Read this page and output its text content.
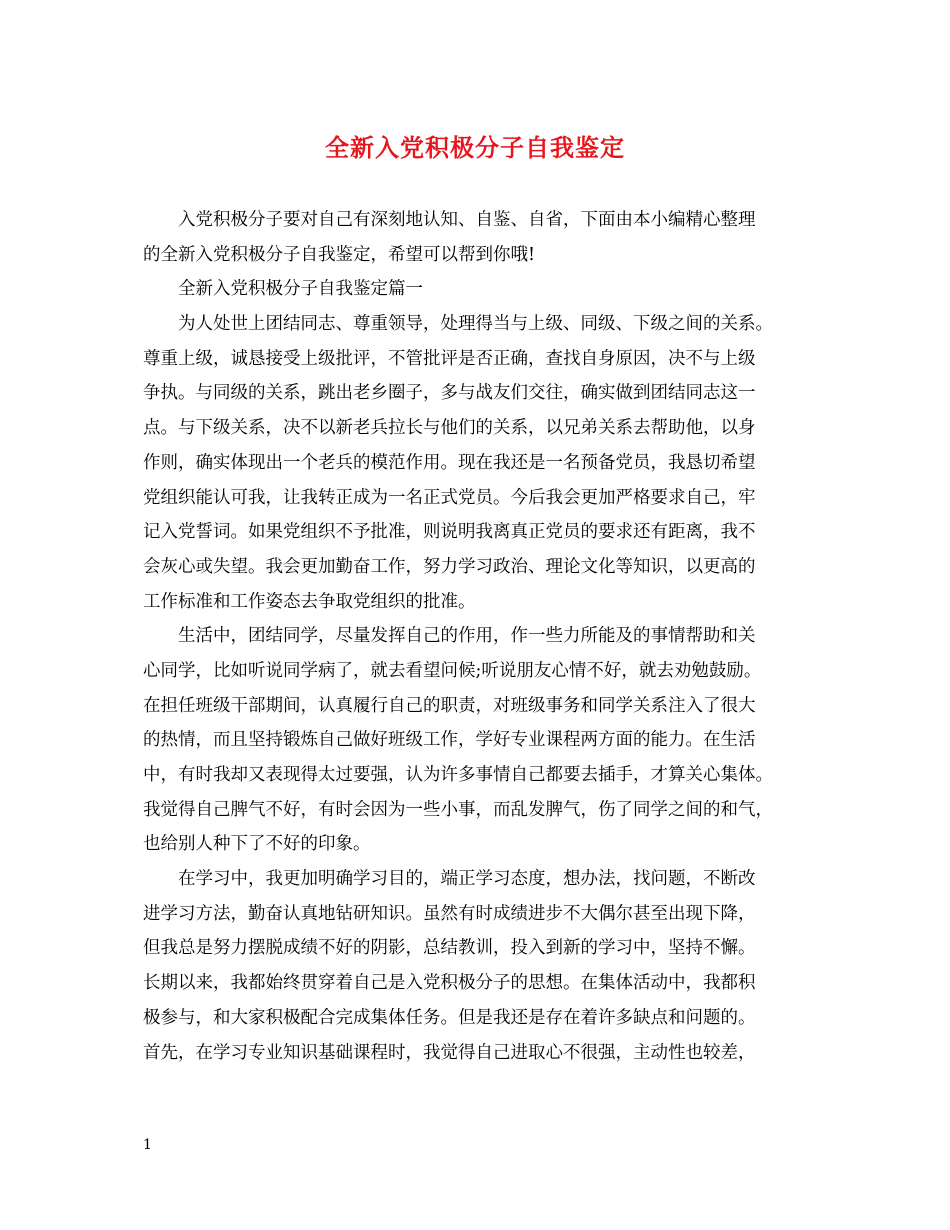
全新入党积极分子自我鉴定
入党积极分子要对自己有深刻地认知、自鉴、自省，下面由本小编精心整理
的全新入党积极分子自我鉴定，希望可以帮到你哦!
全新入党积极分子自我鉴定篇一
为人处世上团结同志、尊重领导，处理得当与上级、同级、下级之间的关系。
尊重上级，诚恳接受上级批评，不管批评是否正确，查找自身原因，决不与上级
争执。与同级的关系，跳出老乡圈子，多与战友们交往，确实做到团结同志这一
点。与下级关系，决不以新老兵拉长与他们的关系，以兄弟关系去帮助他，以身
作则，确实体现出一个老兵的模范作用。现在我还是一名预备党员，我恳切希望
党组织能认可我，让我转正成为一名正式党员。今后我会更加严格要求自己，牢
记入党誓词。如果党组织不予批准，则说明我离真正党员的要求还有距离，我不
会灰心或失望。我会更加勤奋工作，努力学习政治、理论文化等知识，以更高的
工作标准和工作姿态去争取党组织的批准。
生活中，团结同学，尽量发挥自己的作用，作一些力所能及的事情帮助和关
心同学，比如听说同学病了，就去看望问候;听说朋友心情不好，就去劝勉鼓励。
在担任班级干部期间，认真履行自己的职责，对班级事务和同学关系注入了很大
的热情，而且坚持锻炼自己做好班级工作，学好专业课程两方面的能力。在生活
中，有时我却又表现得太过要强，认为许多事情自己都要去插手，才算关心集体。
我觉得自己脾气不好，有时会因为一些小事，而乱发脾气，伤了同学之间的和气，
也给别人种下了不好的印象。
在学习中，我更加明确学习目的，端正学习态度，想办法，找问题，不断改
进学习方法，勤奋认真地钻研知识。虽然有时成绩进步不大偶尔甚至出现下降，
但我总是努力摆脱成绩不好的阴影，总结教训，投入到新的学习中，坚持不懈。
长期以来，我都始终贯穿着自己是入党积极分子的思想。在集体活动中，我都积
极参与，和大家积极配合完成集体任务。但是我还是存在着许多缺点和问题的。
首先，在学习专业知识基础课程时，我觉得自己进取心不很强，主动性也较差，
1
